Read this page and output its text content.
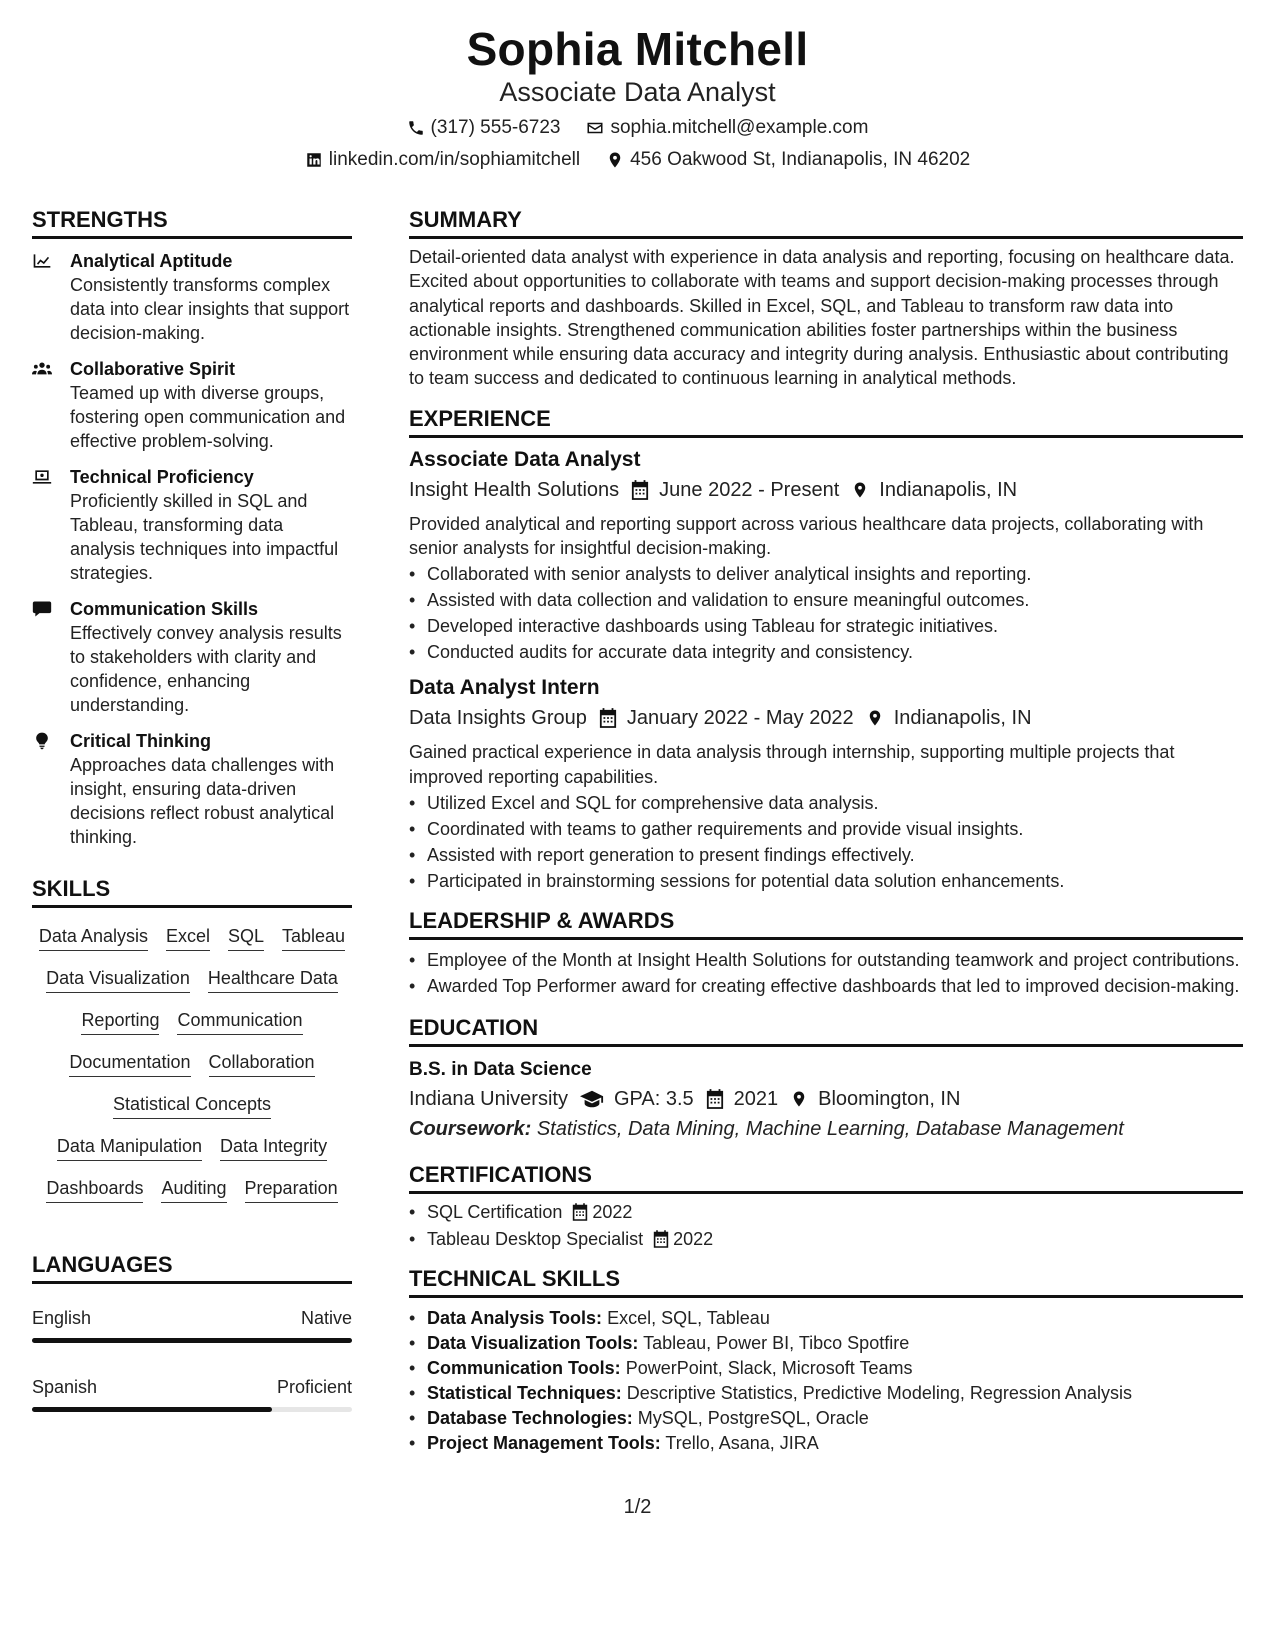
Sophia Mitchell
Associate Data Analyst
(317) 555-6723	sophia.mitchell@example.com
linkedin.com/in/sophiamitchell	456 Oakwood St, Indianapolis, IN 46202
STRENGTHS
Analytical Aptitude
Consistently transforms complex data into clear insights that support decision-making.
Collaborative Spirit
Teamed up with diverse groups, fostering open communication and effective problem-solving.
Technical Proficiency
Proficiently skilled in SQL and Tableau, transforming data analysis techniques into impactful strategies.
Communication Skills
Effectively convey analysis results to stakeholders with clarity and confidence, enhancing understanding.
Critical Thinking
Approaches data challenges with insight, ensuring data-driven decisions reflect robust analytical thinking.
SKILLS
Data Analysis Excel SQL Tableau
Data Visualization Healthcare Data
Reporting Communication
Documentation Collaboration
Statistical Concepts
Data Manipulation Data Integrity
Dashboards Auditing Preparation
LANGUAGES
English	Native
Spanish	Proficient
SUMMARY
Detail-oriented data analyst with experience in data analysis and reporting, focusing on healthcare data. Excited about opportunities to collaborate with teams and support decision-making processes through analytical reports and dashboards. Skilled in Excel, SQL, and Tableau to transform raw data into actionable insights. Strengthened communication abilities foster partnerships within the business environment while ensuring data accuracy and integrity during analysis. Enthusiastic about contributing to team success and dedicated to continuous learning in analytical methods.
EXPERIENCE
Associate Data Analyst
Insight Health Solutions June 2022 - Present Indianapolis, IN
Provided analytical and reporting support across various healthcare data projects, collaborating with senior analysts for insightful decision-making.
• Collaborated with senior analysts to deliver analytical insights and reporting.
• Assisted with data collection and validation to ensure meaningful outcomes.
• Developed interactive dashboards using Tableau for strategic initiatives.
• Conducted audits for accurate data integrity and consistency.
Data Analyst Intern
Data Insights Group January 2022 - May 2022 Indianapolis, IN
Gained practical experience in data analysis through internship, supporting multiple projects that improved reporting capabilities.
• Utilized Excel and SQL for comprehensive data analysis.
• Coordinated with teams to gather requirements and provide visual insights.
• Assisted with report generation to present findings effectively.
• Participated in brainstorming sessions for potential data solution enhancements.
LEADERSHIP & AWARDS
• Employee of the Month at Insight Health Solutions for outstanding teamwork and project contributions.
• Awarded Top Performer award for creating effective dashboards that led to improved decision-making.
EDUCATION
B.S. in Data Science
Indiana University GPA: 3.5 2021 Bloomington, IN
Coursework: Statistics, Data Mining, Machine Learning, Database Management
CERTIFICATIONS
• SQL Certification 2022
• Tableau Desktop Specialist 2022
TECHNICAL SKILLS
• Data Analysis Tools: Excel, SQL, Tableau
• Data Visualization Tools: Tableau, Power BI, Tibco Spotfire
• Communication Tools: PowerPoint, Slack, Microsoft Teams
• Statistical Techniques: Descriptive Statistics, Predictive Modeling, Regression Analysis
• Database Technologies: MySQL, PostgreSQL, Oracle
• Project Management Tools: Trello, Asana, JIRA
1/2
